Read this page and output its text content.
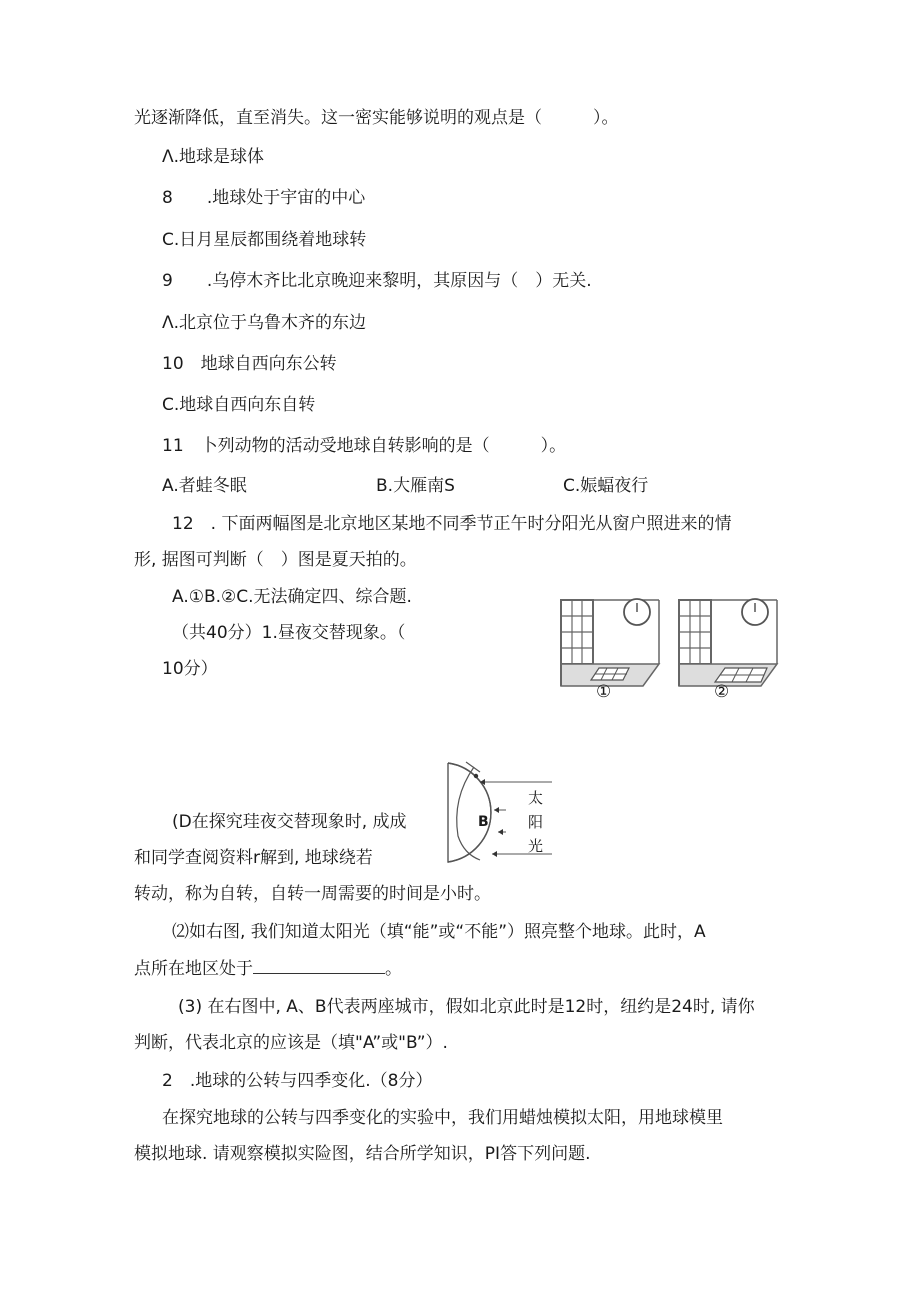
光逐渐降低，直至消失。这一密实能够说明的观点是（　　　）。
Λ.地球是球体
8　　.地球处于宇宙的中心
C.日月星辰都围绕着地球转
9　　.乌停木齐比北京晚迎来黎明，其原因与（　）无关.
Λ.北京位于乌鲁木齐的东边
10　地球自西向东公转
C.地球自西向东自转
11　卜列动物的活动受地球自转影响的是（　　　）。
A.者蛙冬眠	B.大雁南S	C.娠蝠夜行
12　. 下面两幅图是北京地区某地不同季节正午时分阳光从窗户照进来的情
形, 据图可判断（　）图是夏天拍的。
A.①B.②C.无法确定四、综合题.
（共40分）1.昼夜交替现象。（
10分）
①	②
B
太
阳
光
(D在探究珪夜交替现象时, 成成
和同学查阅资料r解到, 地球绕若
转动，称为自转，自转一周需要的时间是小时。
⑵如右图, 我们知道太阳光（填“能”或“不能”）照亮整个地球。此时，A
点所在地区处于	。
(3) 在右图中, A、B代表两座城市，假如北京此时是12时，纽约是24时, 请你
判断，代表北京的应该是（填"A”或"B”）.
2　.地球的公转与四季变化.（8分）
在探究地球的公转与四季变化的实验中，我们用蜡烛模拟太阳，用地球模里
模拟地球. 请观察模拟实险图，结合所学知识，PI答下列问题.
